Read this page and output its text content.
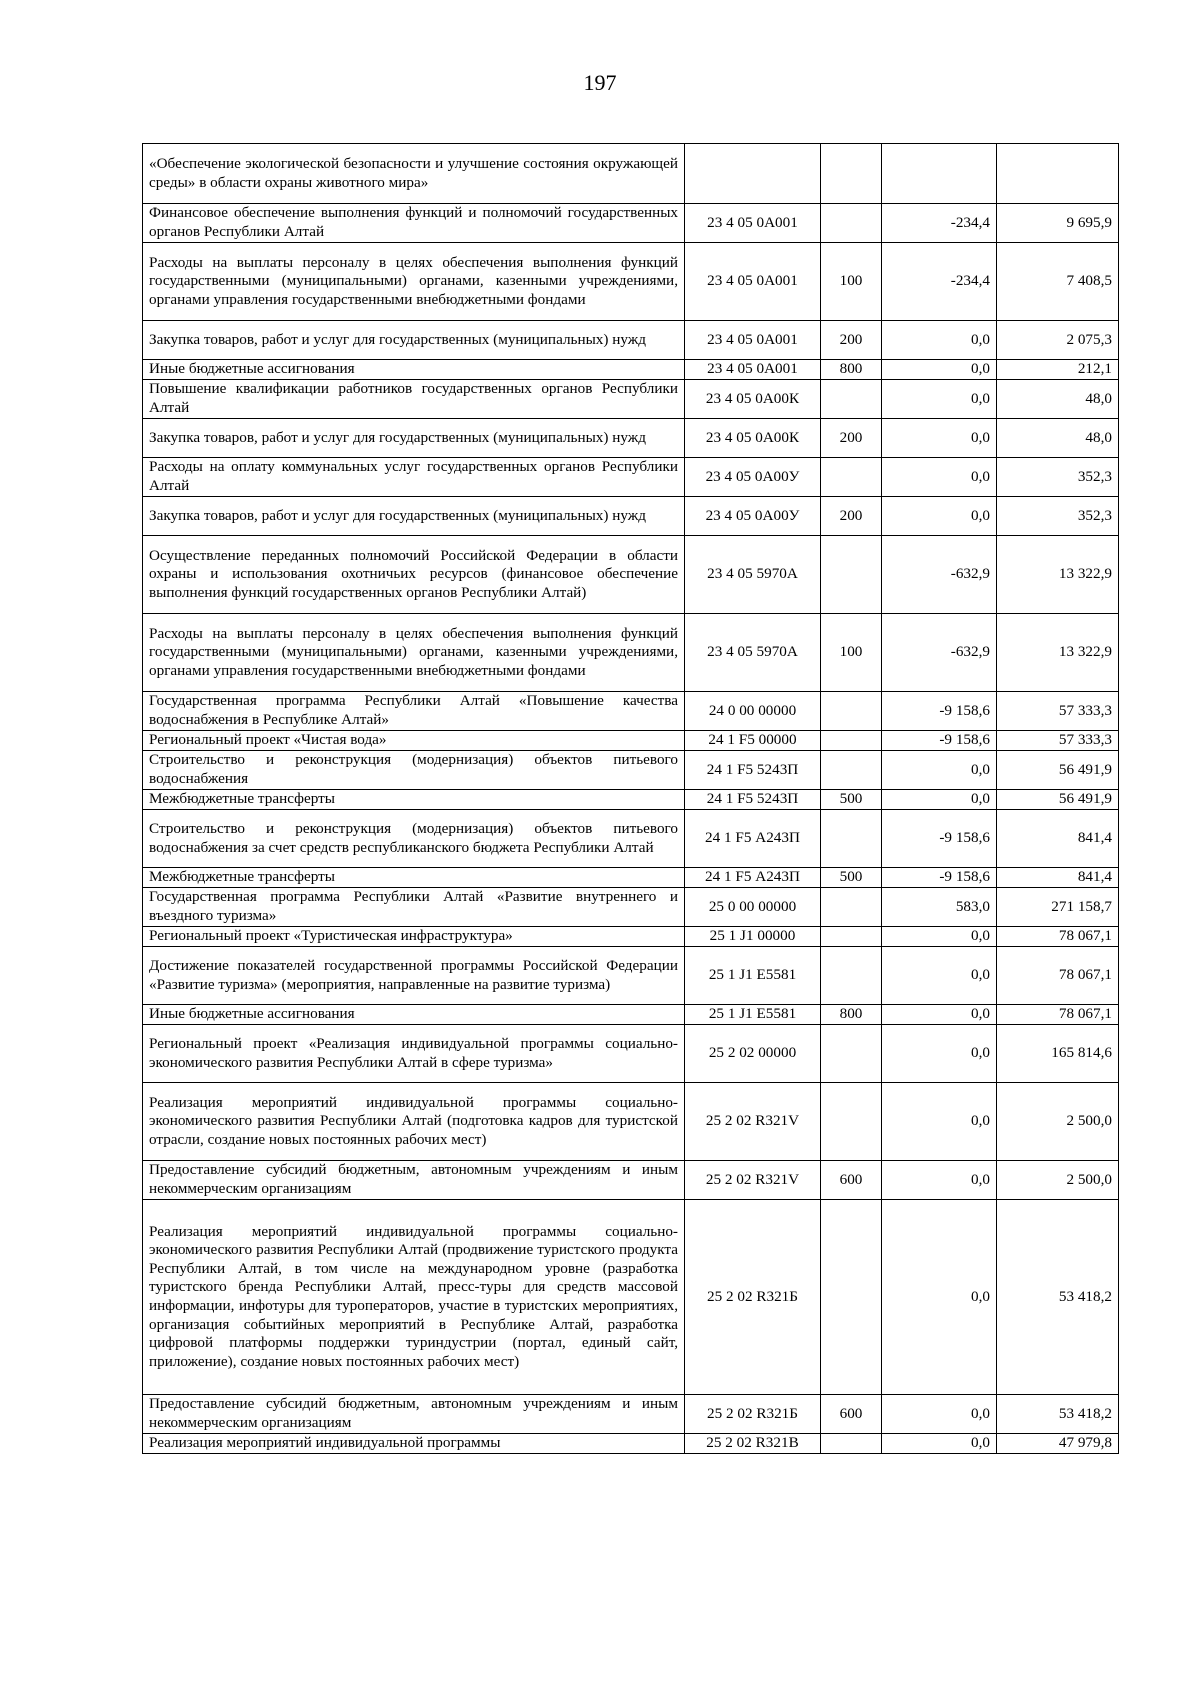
197
«Обеспечение экологической безопасности и улучшение состояния окружающей среды» в области охраны животного мира»				
Финансовое обеспечение выполнения функций и полномочий государственных органов Республики Алтай	23 4 05 0А001		-234,4	9 695,9
Расходы на выплаты персоналу в целях обеспечения выполнения функций государственными (муниципальными) органами, казенными учреждениями, органами управления государственными внебюджетными фондами	23 4 05 0А001	100	-234,4	7 408,5
Закупка товаров, работ и услуг для государственных (муниципальных) нужд	23 4 05 0А001	200	0,0	2 075,3
Иные бюджетные ассигнования	23 4 05 0А001	800	0,0	212,1
Повышение квалификации работников государственных органов Республики Алтай	23 4 05 0А00К		0,0	48,0
Закупка товаров, работ и услуг для государственных (муниципальных) нужд	23 4 05 0А00К	200	0,0	48,0
Расходы на оплату коммунальных услуг государственных органов Республики Алтай	23 4 05 0А00У		0,0	352,3
Закупка товаров, работ и услуг для государственных (муниципальных) нужд	23 4 05 0А00У	200	0,0	352,3
Осуществление переданных полномочий Российской Федерации в области охраны и использования охотничьих ресурсов (финансовое обеспечение выполнения функций государственных органов Республики Алтай)	23 4 05 5970А		-632,9	13 322,9
Расходы на выплаты персоналу в целях обеспечения выполнения функций государственными (муниципальными) органами, казенными учреждениями, органами управления государственными внебюджетными фондами	23 4 05 5970А	100	-632,9	13 322,9
Государственная программа Республики Алтай «Повышение качества водоснабжения в Республике Алтай»	24 0 00 00000		-9 158,6	57 333,3
Региональный проект «Чистая вода»	24 1 F5 00000		-9 158,6	57 333,3
Строительство и реконструкция (модернизация) объектов питьевого водоснабжения	24 1 F5 5243П		0,0	56 491,9
Межбюджетные трансферты	24 1 F5 5243П	500	0,0	56 491,9
Строительство и реконструкция (модернизация) объектов питьевого водоснабжения за счет средств республиканского бюджета Республики Алтай	24 1 F5 А243П		-9 158,6	841,4
Межбюджетные трансферты	24 1 F5 А243П	500	-9 158,6	841,4
Государственная программа Республики Алтай «Развитие внутреннего и въездного туризма»	25 0 00 00000		583,0	271 158,7
Региональный проект «Туристическая инфраструктура»	25 1 J1 00000		0,0	78 067,1
Достижение показателей государственной программы Российской Федерации «Развитие туризма» (мероприятия, направленные на развитие туризма)	25 1 J1 E5581		0,0	78 067,1
Иные бюджетные ассигнования	25 1 J1 E5581	800	0,0	78 067,1
Региональный проект «Реализация индивидуальной программы социально-экономического развития Республики Алтай в сфере туризма»	25 2 02 00000		0,0	165 814,6
Реализация мероприятий индивидуальной программы социально-экономического развития Республики Алтай (подготовка кадров для туристской отрасли, создание новых постоянных рабочих мест)	25 2 02 R321V		0,0	2 500,0
Предоставление субсидий бюджетным, автономным учреждениям и иным некоммерческим организациям	25 2 02 R321V	600	0,0	2 500,0
Реализация мероприятий индивидуальной программы социально-экономического развития Республики Алтай (продвижение туристского продукта Республики Алтай, в том числе на международном уровне (разработка туристского бренда Республики Алтай, пресс-туры для средств массовой информации, инфотуры для туроператоров, участие в туристских мероприятиях, организация событийных мероприятий в Республике Алтай, разработка цифровой платформы поддержки туриндустрии (портал, единый сайт, приложение), создание новых постоянных рабочих мест)	25 2 02 R321Б		0,0	53 418,2
Предоставление субсидий бюджетным, автономным учреждениям и иным некоммерческим организациям	25 2 02 R321Б	600	0,0	53 418,2
Реализация мероприятий индивидуальной программы	25 2 02 R321В		0,0	47 979,8
